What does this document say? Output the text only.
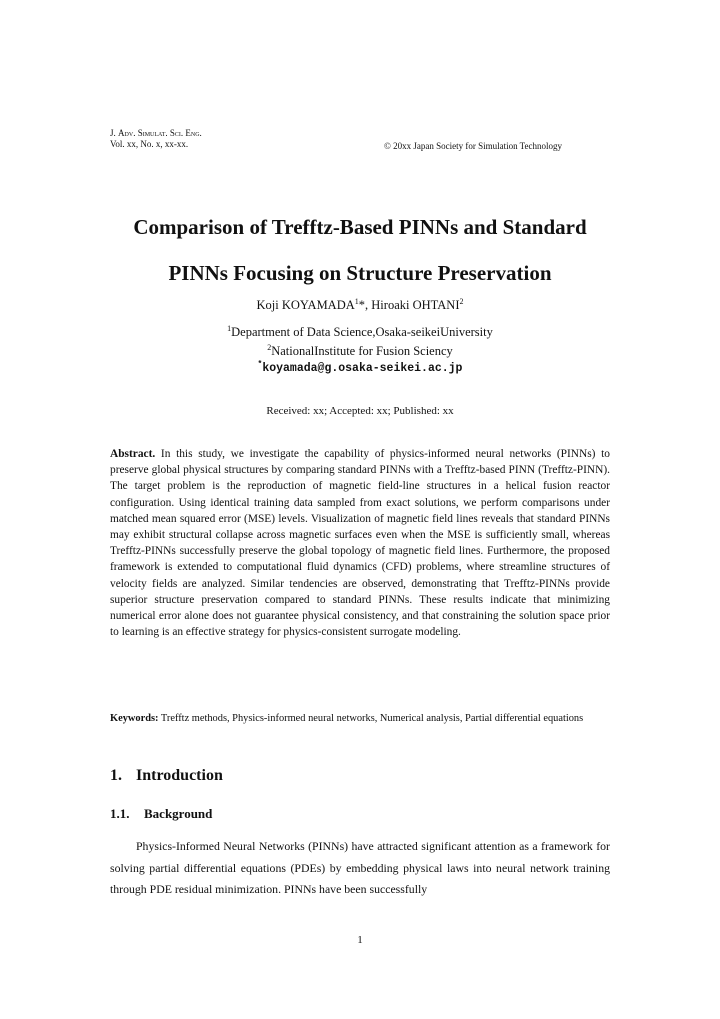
J. Adv. Simulat. Sci. Eng.
Vol. xx, No. x, xx-xx.	© 20xx Japan Society for Simulation Technology
Comparison of Trefftz-Based PINNs and Standard
PINNs Focusing on Structure Preservation
Koji KOYAMADA$^1$*, Hiroaki OHTANI$^2$
$^1$Department of Data Science,Osaka-seikeiUniversity
$^2$NationalInstitute for Fusion Sciency
*koyamada@g.osaka-seikei.ac.jp
Received: xx; Accepted: xx; Published: xx
Abstract. In this study, we investigate the capability of physics-informed neural networks (PINNs) to preserve global physical structures by comparing standard PINNs with a Trefftz-based PINN (Trefftz-PINN). The target problem is the reproduction of magnetic field-line structures in a helical fusion reactor configuration. Using identical training data sampled from exact solutions, we perform comparisons under matched mean squared error (MSE) levels. Visualization of magnetic field lines reveals that standard PINNs may exhibit structural collapse across magnetic surfaces even when the MSE is sufficiently small, whereas Trefftz-PINNs successfully preserve the global topology of magnetic field lines. Furthermore, the proposed framework is extended to computational fluid dynamics (CFD) problems, where streamline structures of velocity fields are analyzed. Similar tendencies are observed, demonstrating that Trefftz-PINNs provide superior structure preservation compared to standard PINNs. These results indicate that minimizing numerical error alone does not guarantee physical consistency, and that constraining the solution space prior to learning is an effective strategy for physics-consistent surrogate modeling.
Keywords: Trefftz methods, Physics-informed neural networks, Numerical analysis, Partial differential equations
1. Introduction
1.1. Background
Physics-Informed Neural Networks (PINNs) have attracted significant attention as a framework for solving partial differential equations (PDEs) by embedding physical laws into neural network training through PDE residual minimization. PINNs have been successfully
1
